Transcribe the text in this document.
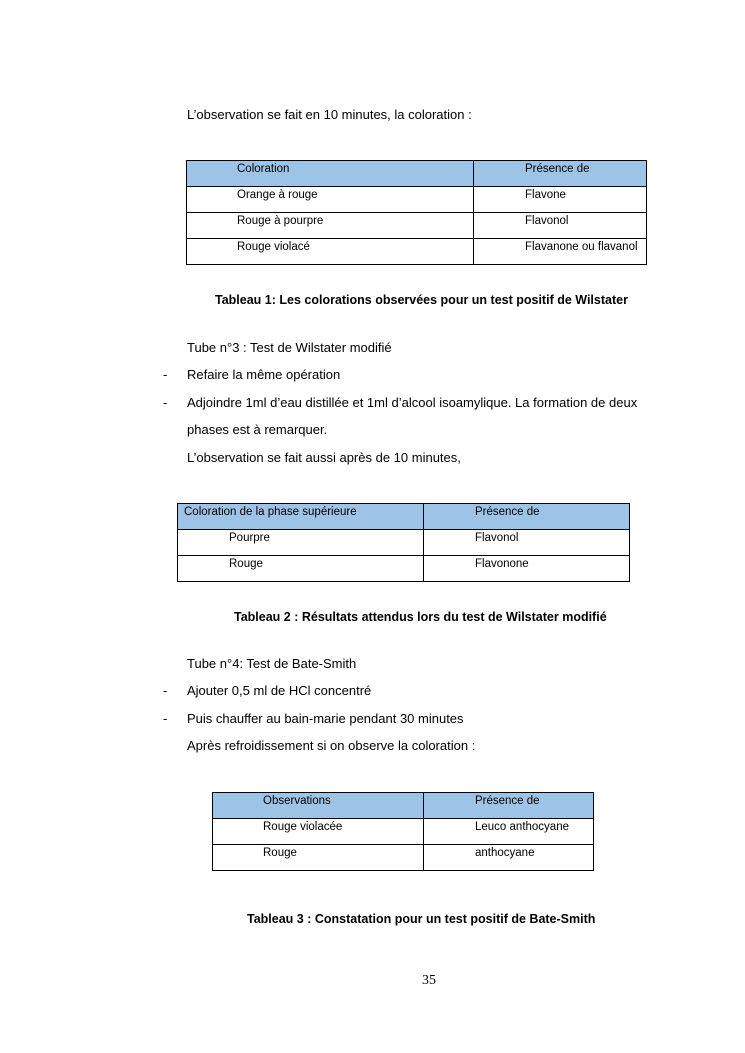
L’observation se fait en 10 minutes, la coloration :
Coloration	Présence de
Orange à rouge	Flavone
Rouge à pourpre	Flavonol
Rouge violacé	Flavanone ou flavanol
Tableau 1: Les colorations observées pour un test positif de Wilstater
Tube n°3 : Test de Wilstater modifié
- Refaire la même opération
- Adjoindre 1ml d’eau distillée et 1ml d’alcool isoamylique. La formation de deux
phases est à remarquer.
L’observation se fait aussi après de 10 minutes,
Coloration de la phase supérieure	Présence de
Pourpre	Flavonol
Rouge	Flavonone
Tableau 2 : Résultats attendus lors du test de Wilstater modifié
Tube n°4: Test de Bate-Smith
- Ajouter 0,5 ml de HCl concentré
- Puis chauffer au bain-marie pendant 30 minutes
Après refroidissement si on observe la coloration :
Observations	Présence de
Rouge violacée	Leuco anthocyane
Rouge	anthocyane
Tableau 3 : Constatation pour un test positif de Bate-Smith
35
